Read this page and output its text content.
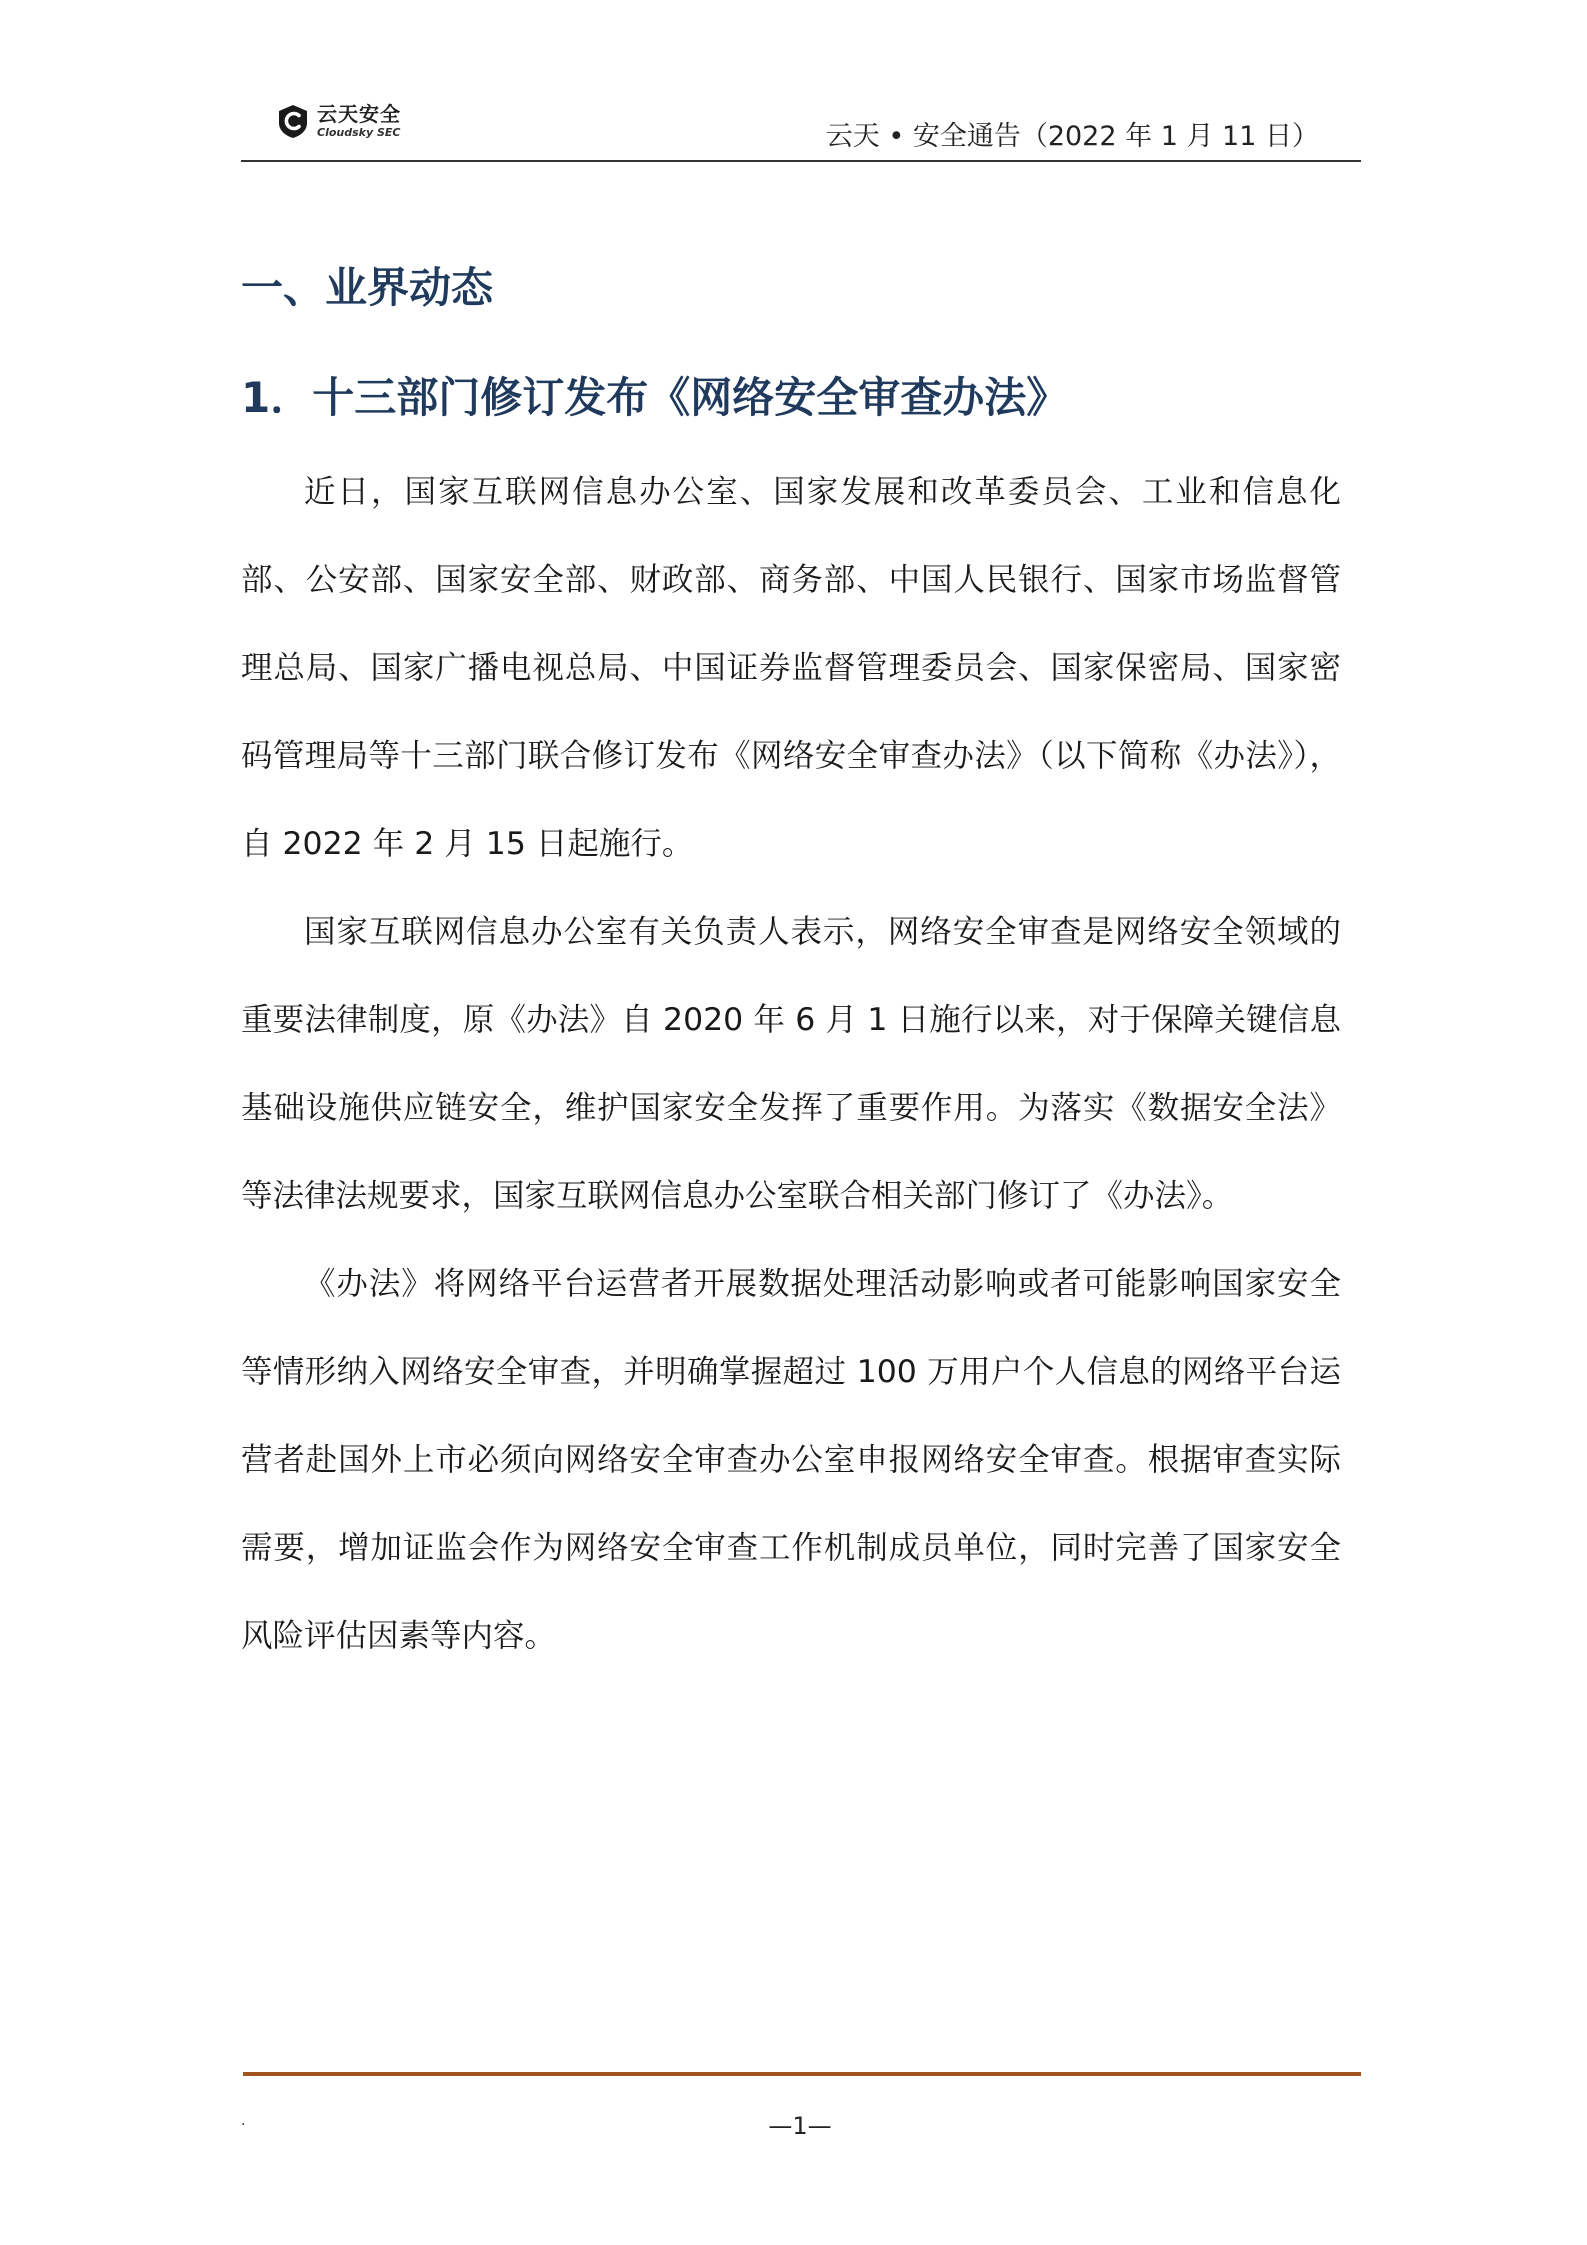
云天安全
Cloudsky SEC	云天 • 安全通告（2022 年 1 月 11 日）
一、业界动态
1．十三部门修订发布《网络安全审查办法》

近日，国家互联网信息办公室、国家发展和改革委员会、工业和信息化部、公安部、国家安全部、财政部、商务部、中国人民银行、国家市场监督管理总局、国家广播电视总局、中国证券监督管理委员会、国家保密局、国家密码管理局等十三部门联合修订发布《网络安全审查办法》（以下简称《办法》），自 2022 年 2 月 15 日起施行。

国家互联网信息办公室有关负责人表示，网络安全审查是网络安全领域的重要法律制度，原《办法》自 2020 年 6 月 1 日施行以来，对于保障关键信息基础设施供应链安全，维护国家安全发挥了重要作用。为落实《数据安全法》等法律法规要求，国家互联网信息办公室联合相关部门修订了《办法》。

《办法》将网络平台运营者开展数据处理活动影响或者可能影响国家安全等情形纳入网络安全审查，并明确掌握超过 100 万用户个人信息的网络平台运营者赴国外上市必须向网络安全审查办公室申报网络安全审查。根据审查实际需要，增加证监会作为网络安全审查工作机制成员单位，同时完善了国家安全风险评估因素等内容。

.	—1—
